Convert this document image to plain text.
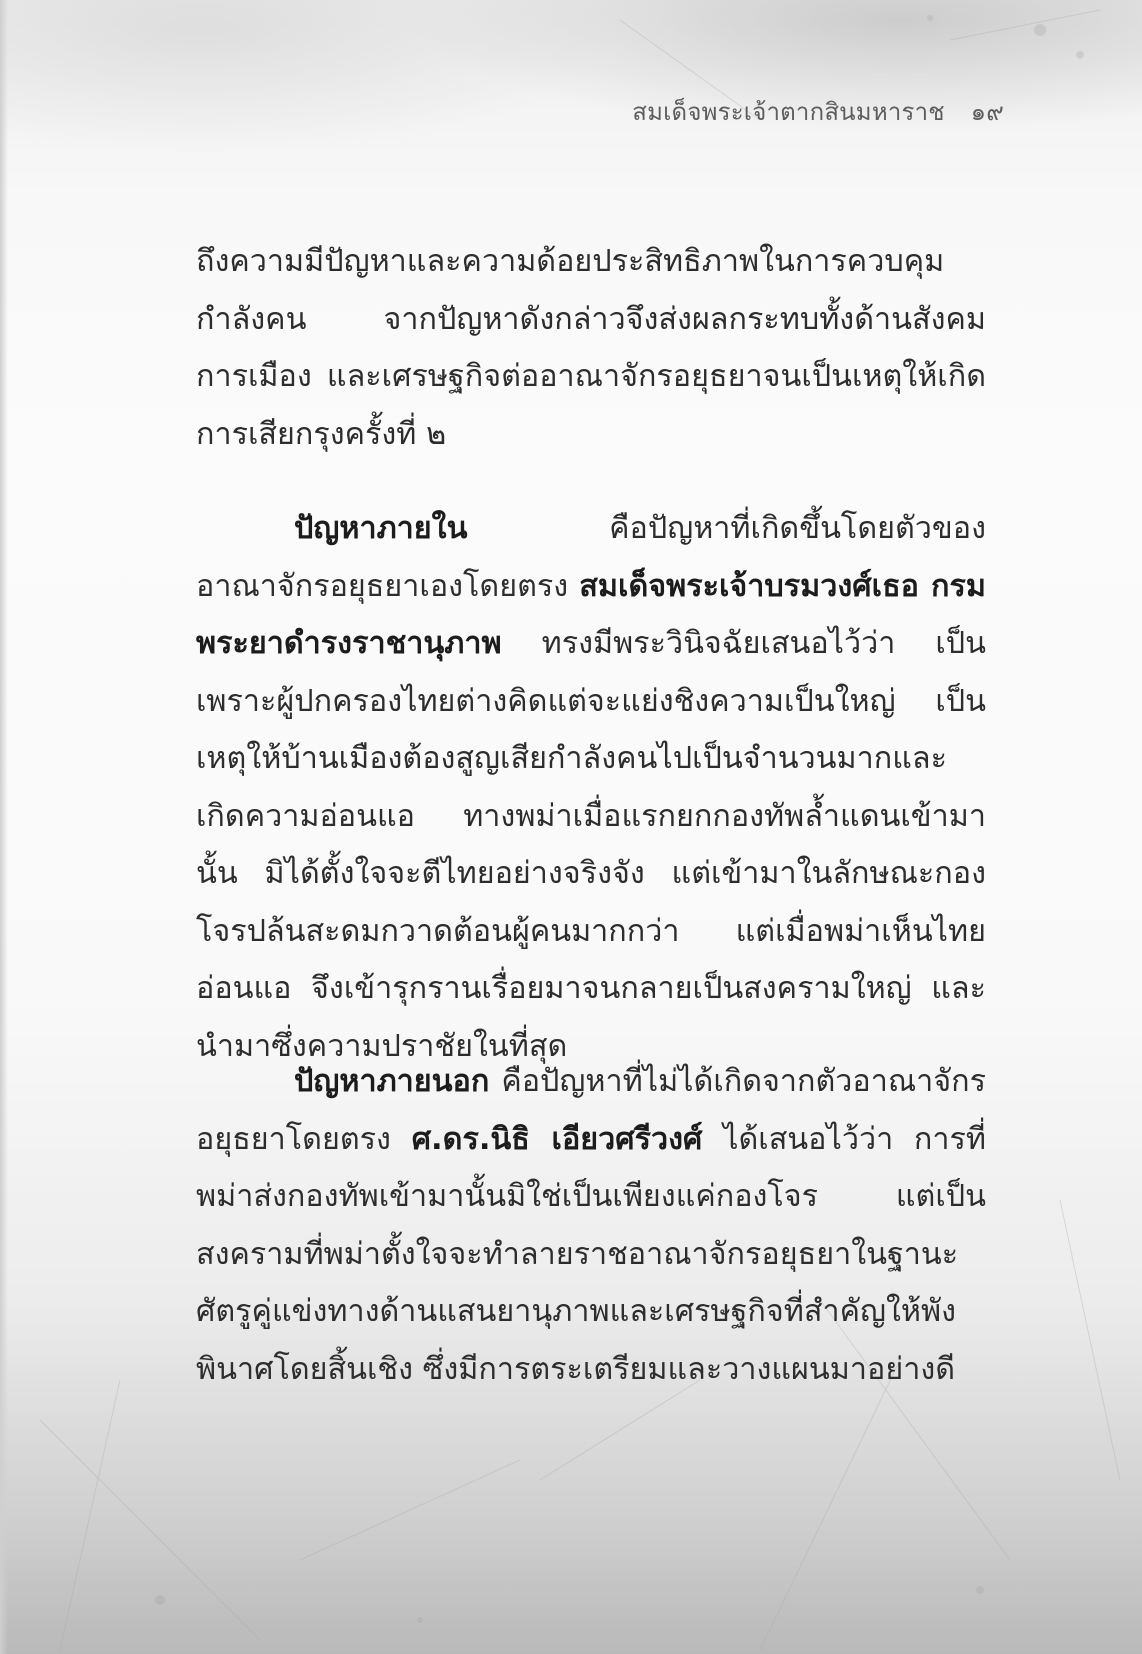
สมเด็จพระเจ้าตากสินมหาราช ๑๙

ถึงความมีปัญหาและความด้อยประสิทธิภาพในการควบคุมกำลังคน จากปัญหาดังกล่าวจึงส่งผลกระทบทั้งด้านสังคม การเมือง และเศรษฐกิจต่ออาณาจักรอยุธยาจนเป็นเหตุให้เกิดการเสียกรุงครั้งที่ ๒

ปัญหาภายใน คือปัญหาที่เกิดขึ้นโดยตัวของอาณาจักรอยุธยาเองโดยตรง สมเด็จพระเจ้าบรมวงศ์เธอ กรมพระยาดำรงราชานุภาพ ทรงมีพระวินิจฉัยเสนอไว้ว่า เป็นเพราะผู้ปกครองไทยต่างคิดแต่จะแย่งชิงความเป็นใหญ่ เป็นเหตุให้บ้านเมืองต้องสูญเสียกำลังคนไปเป็นจำนวนมากและเกิดความอ่อนแอ ทางพม่าเมื่อแรกยกกองทัพล้ำแดนเข้ามานั้น มิได้ตั้งใจจะตีไทยอย่างจริงจัง แต่เข้ามาในลักษณะกองโจรปล้นสะดมกวาดต้อนผู้คนมากกว่า แต่เมื่อพม่าเห็นไทยอ่อนแอ จึงเข้ารุกรานเรื่อยมาจนกลายเป็นสงครามใหญ่ และนำมาซึ่งความปราชัยในที่สุด

ปัญหาภายนอก คือปัญหาที่ไม่ได้เกิดจากตัวอาณาจักรอยุธยาโดยตรง ศ.ดร.นิธิ เอียวศรีวงศ์ ได้เสนอไว้ว่า การที่พม่าส่งกองทัพเข้ามานั้นมิใช่เป็นเพียงแค่กองโจร แต่เป็นสงครามที่พม่าตั้งใจจะทำลายราชอาณาจักรอยุธยาในฐานะศัตรูคู่แข่งทางด้านแสนยานุภาพและเศรษฐกิจที่สำคัญให้พังพินาศโดยสิ้นเชิง ซึ่งมีการตระเตรียมและวางแผนมาอย่างดี
